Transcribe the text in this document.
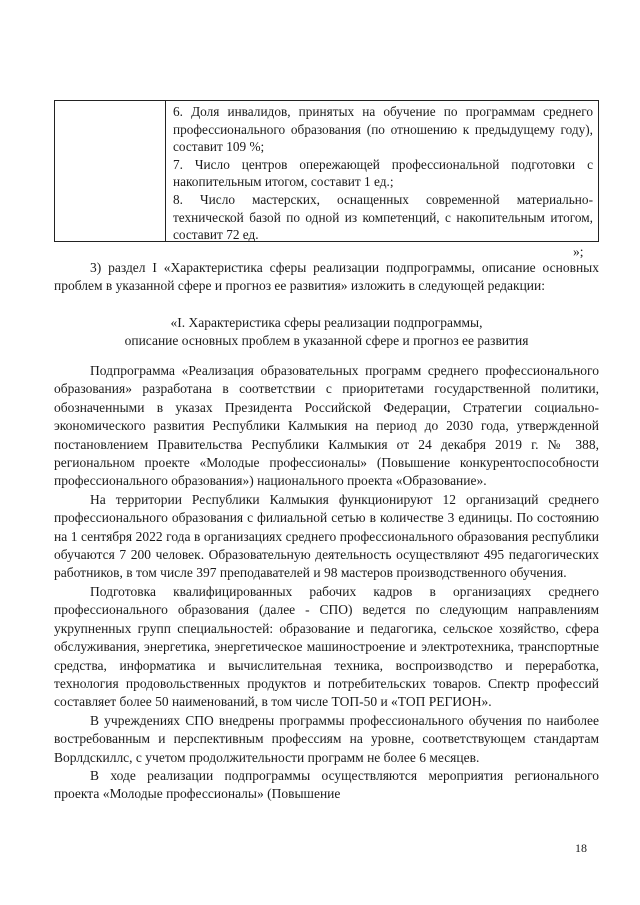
6. Доля инвалидов, принятых на обучение по программам среднего профессионального образования (по отношению к предыдущему году), составит 109 %;

7. Число центров опережающей профессиональной подготовки с накопительным итогом, составит 1 ед.;

8. Число мастерских, оснащенных современной материально-технической базой по одной из компетенций, с накопительным итогом, составит 72 ед.

»;

3) раздел I «Характеристика сферы реализации подпрограммы, описание основных проблем в указанной сфере и прогноз ее развития» изложить в следующей редакции:

«I. Характеристика сферы реализации подпрограммы,

описание основных проблем в указанной сфере и прогноз ее развития

Подпрограмма «Реализация образовательных программ среднего профессионального образования» разработана в соответствии с приоритетами государственной политики, обозначенными в указах Президента Российской Федерации, Стратегии социально-экономического развития Республики Калмыкия на период до 2030 года, утвержденной постановлением Правительства Республики Калмыкия от 24 декабря 2019 г. № 388, региональном проекте «Молодые профессионалы» (Повышение конкурентоспособности профессионального образования») национального проекта «Образование».

На территории Республики Калмыкия функционируют 12 организаций среднего профессионального образования с филиальной сетью в количестве 3 единицы. По состоянию на 1 сентября 2022 года в организациях среднего профессионального образования республики обучаются 7 200 человек. Образовательную деятельность осуществляют 495 педагогических работников, в том числе 397 преподавателей и 98 мастеров производственного обучения.

Подготовка квалифицированных рабочих кадров в организациях среднего профессионального образования (далее - СПО) ведется по следующим направлениям укрупненных групп специальностей: образование и педагогика, сельское хозяйство, сфера обслуживания, энергетика, энергетическое машиностроение и электротехника, транспортные средства, информатика и вычислительная техника, воспроизводство и переработка, технология продовольственных продуктов и потребительских товаров. Спектр профессий составляет более 50 наименований, в том числе ТОП-50 и «ТОП РЕГИОН».

В учреждениях СПО внедрены программы профессионального обучения по наиболее востребованным и перспективным профессиям на уровне, соответствующем стандартам Ворлдскиллс, с учетом продолжительности программ не более 6 месяцев.

В ходе реализации подпрограммы осуществляются мероприятия регионального проекта «Молодые профессионалы» (Повышение

18
